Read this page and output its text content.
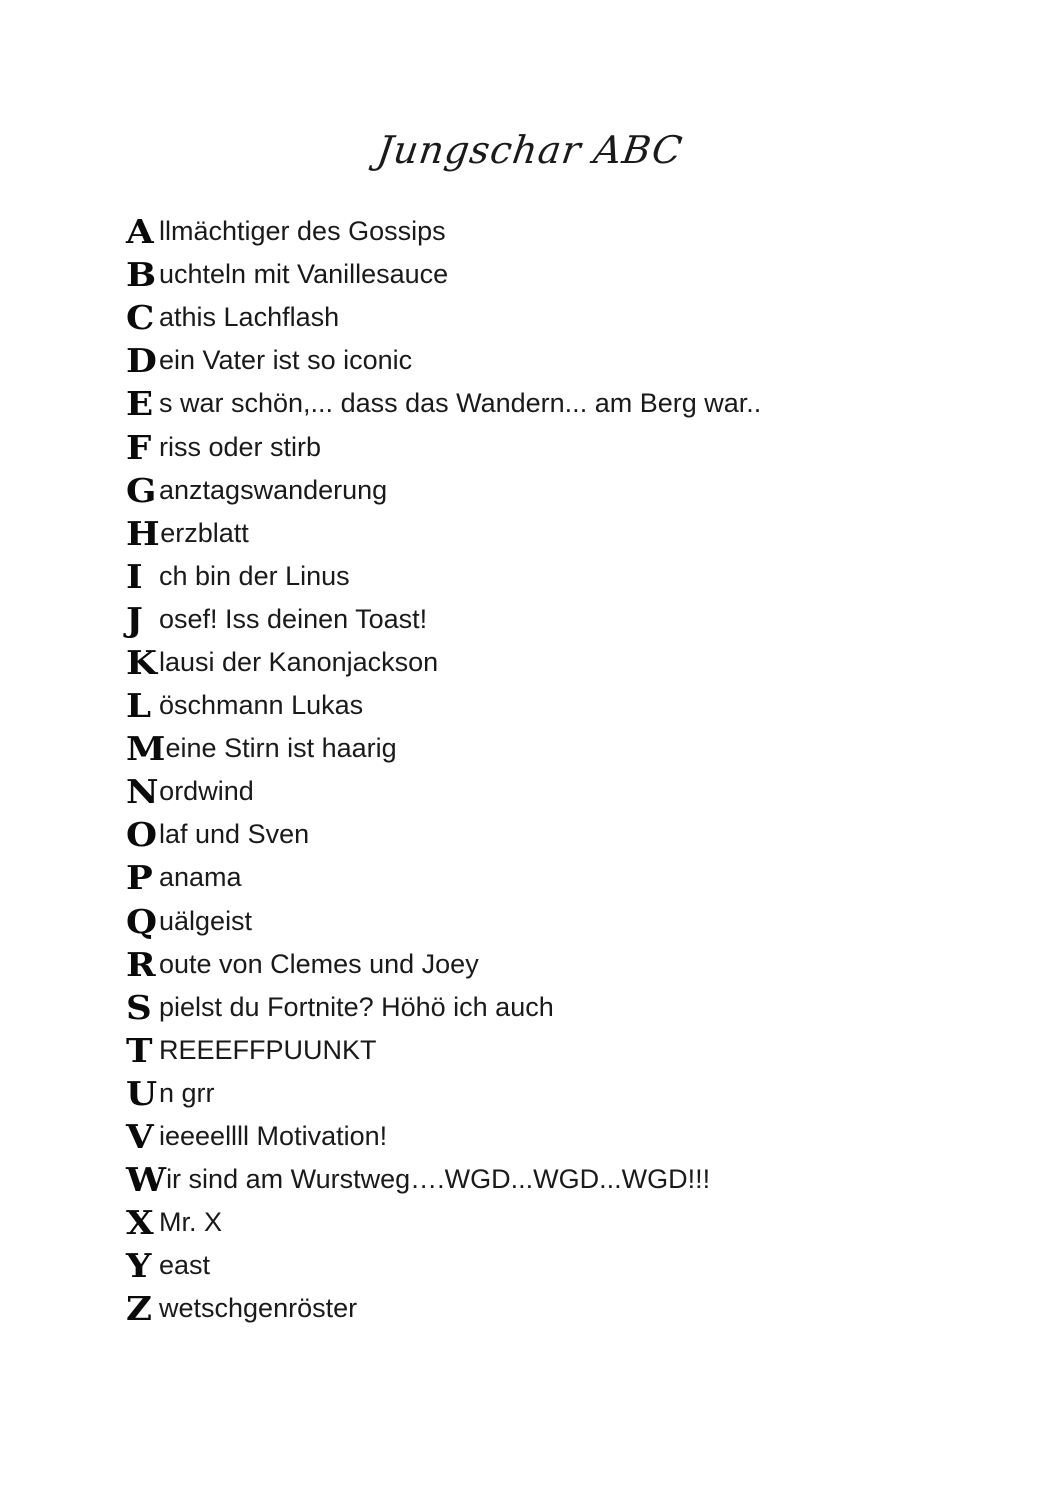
Jungschar ABC
A llmächtiger des Gossips
B uchteln mit Vanillesauce
C athis Lachflash
D ein Vater ist so iconic
E s war schön,... dass das Wandern... am Berg war..
F riss oder stirb
G anztagswanderung
H erzblatt
I ch bin der Linus
J osef! Iss deinen Toast!
K lausi der Kanonjackson
L öschmann Lukas
M eine Stirn ist haarig
N ordwind
O laf und Sven
P anama
Q uälgeist
R oute von Clemes und Joey
S pielst du Fortnite? Höhö ich auch
T REEEFFPUUNKT
U n grr
V ieeeellll Motivation!
W ir sind am Wurstweg….WGD...WGD...WGD!!!
X Mr. X
Y east
Z wetschgenröster
